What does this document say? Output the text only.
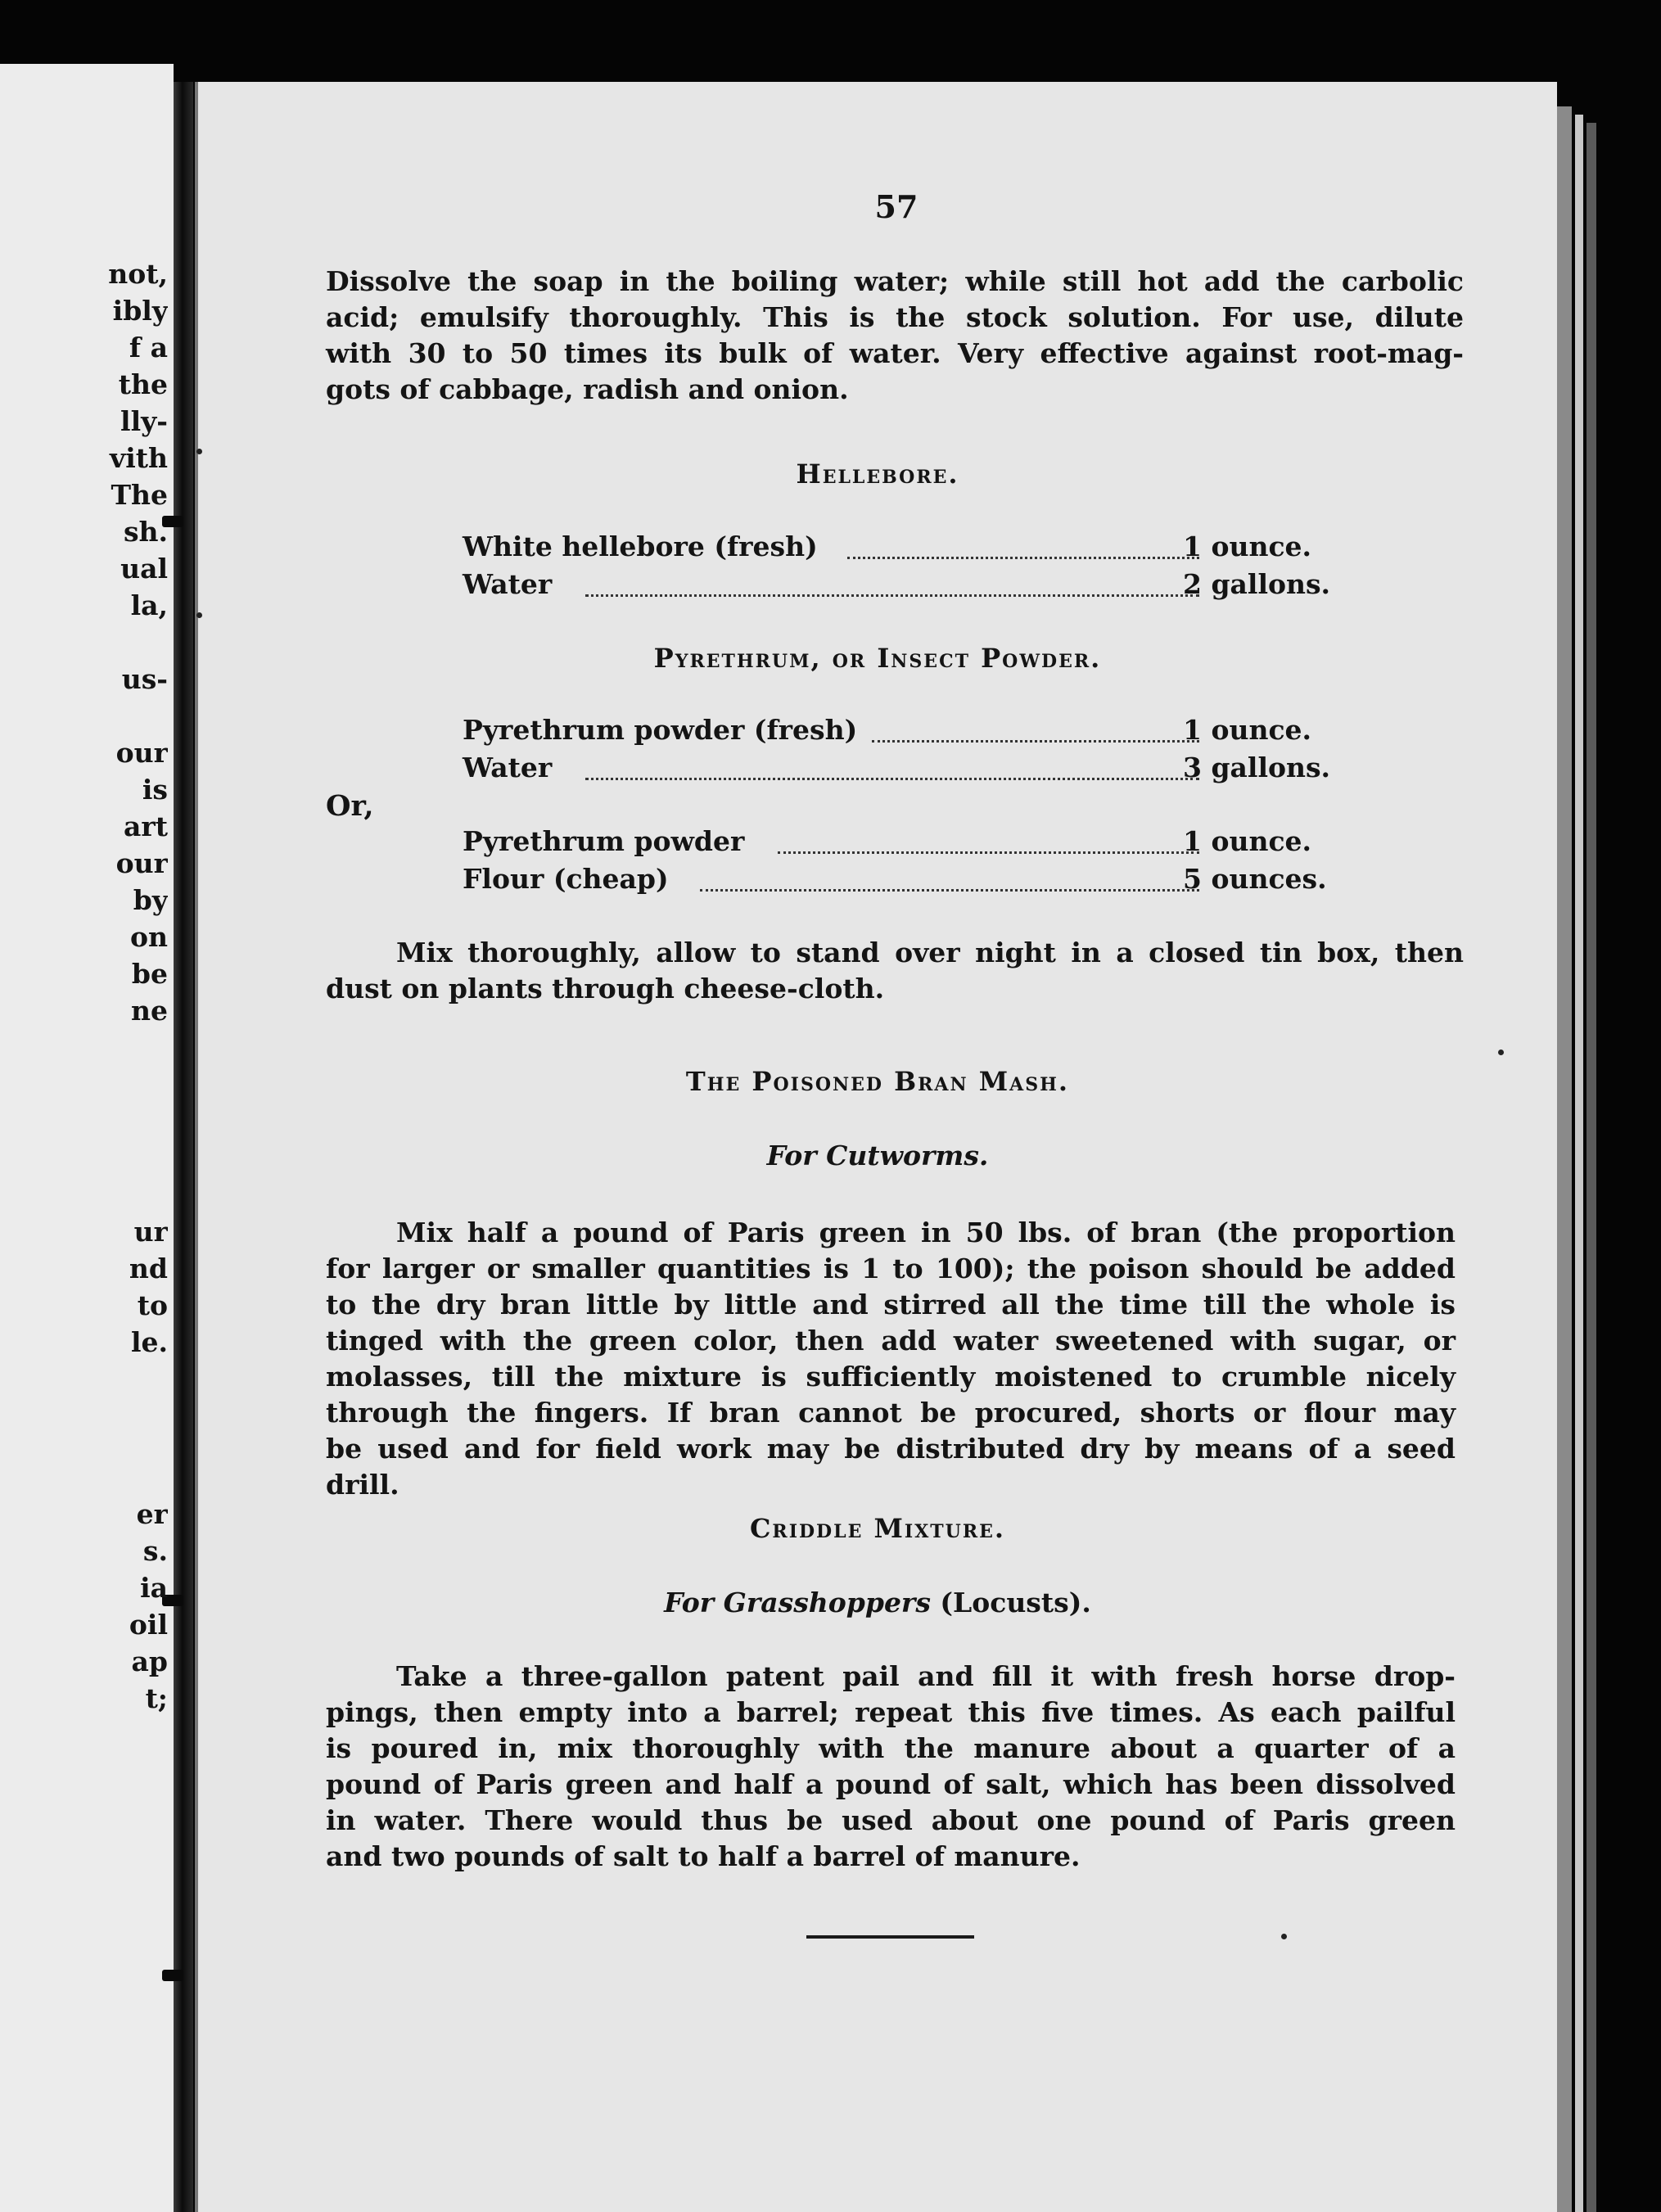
not,
ibly
f a
the
lly-
vith
The
sh.
ual
la,
us-
our
is
art
our
by
on
be
ne
ur
nd
to
le.
er
s.
ia
oil
ap
t;
57
Dissolve the soap in the boiling water; while still hot add the carbolic
acid; emulsify thoroughly. This is the stock solution. For use, dilute
with 30 to 50 times its bulk of water. Very effective against root-mag-
gots of cabbage, radish and onion.
Hellebore.
White hellebore (fresh)	1 ounce.
Water	2 gallons.
Pyrethrum, or Insect Powder.
Pyrethrum powder (fresh)	1 ounce.
Water	3 gallons.
Or,
Pyrethrum powder	1 ounce.
Flour (cheap)	5 ounces.
Mix thoroughly, allow to stand over night in a closed tin box, then
dust on plants through cheese-cloth.
The Poisoned Bran Mash.
For Cutworms.
Mix half a pound of Paris green in 50 lbs. of bran (the proportion
for larger or smaller quantities is 1 to 100); the poison should be added
to the dry bran little by little and stirred all the time till the whole is
tinged with the green color, then add water sweetened with sugar, or
molasses, till the mixture is sufficiently moistened to crumble nicely
through the fingers. If bran cannot be procured, shorts or flour may
be used and for field work may be distributed dry by means of a seed
drill.
Criddle Mixture.
For Grasshoppers (Locusts).
Take a three-gallon patent pail and fill it with fresh horse drop-
pings, then empty into a barrel; repeat this five times. As each pailful
is poured in, mix thoroughly with the manure about a quarter of a
pound of Paris green and half a pound of salt, which has been dissolved
in water. There would thus be used about one pound of Paris green
and two pounds of salt to half a barrel of manure.
